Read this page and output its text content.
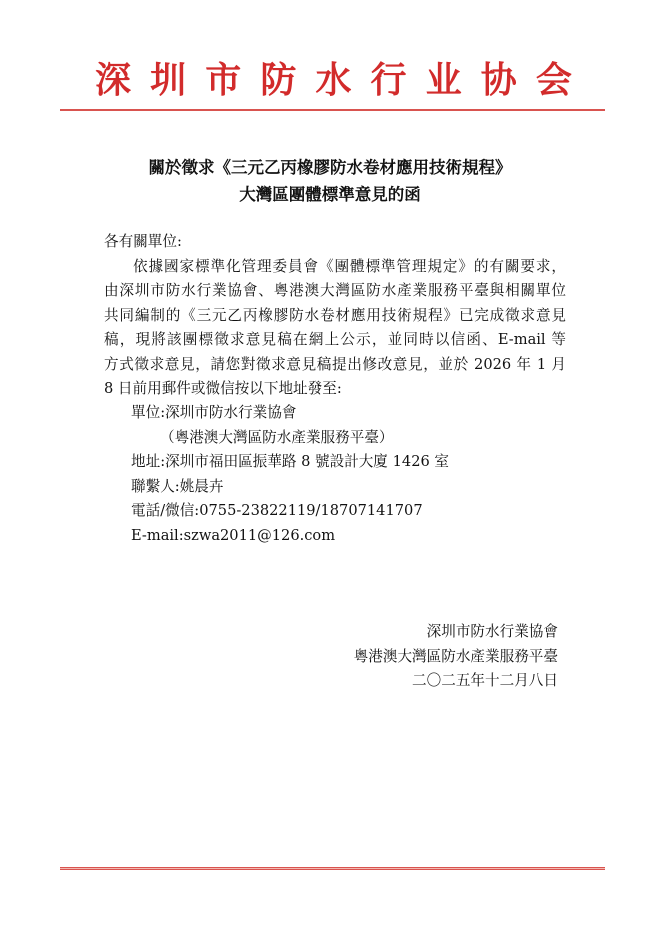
深 圳 市 防 水 行 业 协 会
關於徵求《三元乙丙橡膠防水卷材應用技術規程》
大灣區團體標準意見的函
各有關單位:
依據國家標準化管理委員會《團體標準管理規定》的有關要求，
由深圳市防水行業協會、粵港澳大灣區防水產業服務平臺與相關單位
共同編制的《三元乙丙橡膠防水卷材應用技術規程》已完成徵求意見
稿，現將該團標徵求意見稿在網上公示，並同時以信函、E-mail 等
方式徵求意見，請您對徵求意見稿提出修改意見，並於 2026 年 1 月
8 日前用郵件或微信按以下地址發至:
單位:深圳市防水行業協會
（粵港澳大灣區防水產業服務平臺）
地址:深圳市福田區振華路 8 號設計大廈 1426 室
聯繫人:姚晨卉
電話/微信:0755-23822119/18707141707
E-mail:szwa2011@126.com
深圳市防水行業協會
粵港澳大灣區防水產業服務平臺
二〇二五年十二月八日
